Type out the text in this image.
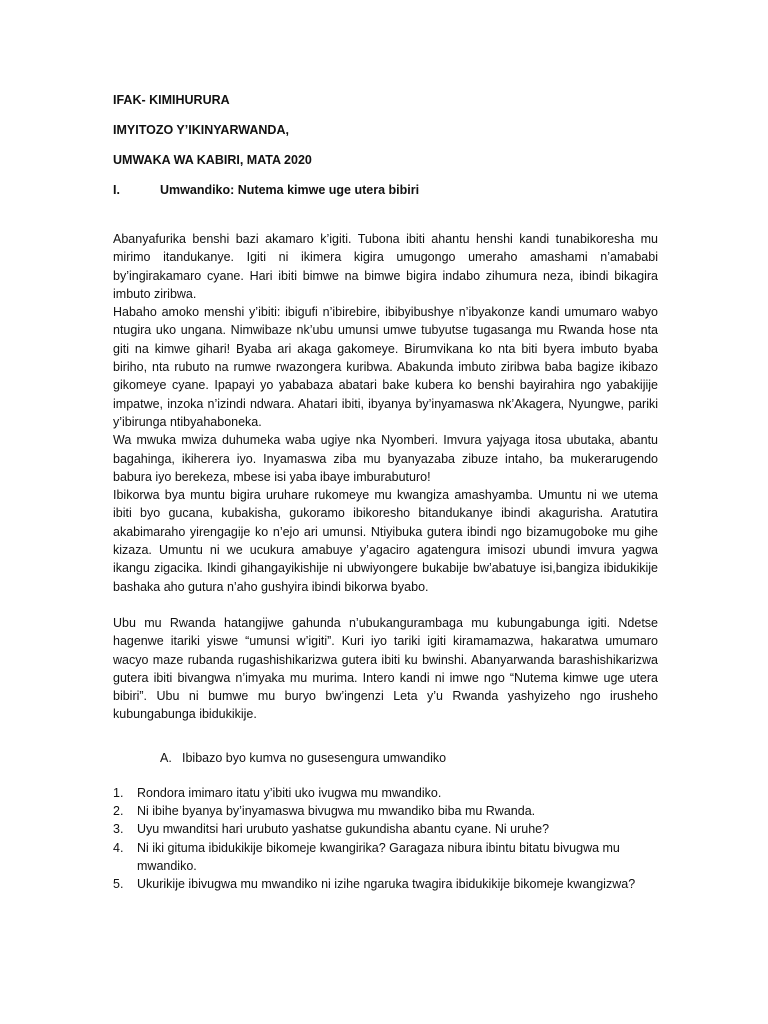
IFAK- KIMIHURURA

IMYITOZO Y’IKINYARWANDA,

UMWAKA WA KABIRI, MATA 2020

I.	Umwandiko: Nutema kimwe uge utera bibiri

Abanyafurika benshi bazi akamaro k’igiti. Tubona ibiti ahantu henshi kandi tunabikoresha mu mirimo itandukanye. Igiti ni ikimera kigira umugongo umeraho amashami n’amababi by’ingirakamaro cyane. Hari ibiti bimwe na bimwe bigira indabo zihumura neza, ibindi bikagira imbuto ziribwa.

Habaho amoko menshi y’ibiti: ibigufi n’ibirebire, ibibyibushye n’ibyakonze kandi umumaro wabyo ntugira uko ungana. Nimwibaze nk’ubu umunsi umwe tubyutse tugasanga mu Rwanda hose nta giti na kimwe gihari! Byaba ari akaga gakomeye. Birumvikana ko nta biti byera imbuto byaba biriho, nta rubuto na rumwe rwazongera kuribwa. Abakunda imbuto ziribwa baba bagize ikibazo gikomeye cyane. Ipapayi yo yababaza abatari bake kubera ko benshi bayirahira ngo yabakijije impatwe, inzoka n’izindi ndwara. Ahatari ibiti, ibyanya by’inyamaswa nk’Akagera, Nyungwe, pariki y’ibirunga ntibyahaboneka.

Wa mwuka mwiza duhumeka waba ugiye nka Nyomberi. Imvura yajyaga itosa ubutaka, abantu bagahinga, ikiherera iyo. Inyamaswa ziba mu byanyazaba zibuze intaho, ba mukerarugendo babura iyo berekeza, mbese isi yaba ibaye imburabuturo!

Ibikorwa bya muntu bigira uruhare rukomeye mu kwangiza amashyamba. Umuntu ni we utema ibiti byo gucana, kubakisha, gukoramo ibikoresho bitandukanye ibindi akagurisha. Aratutira akabimaraho yirengagije ko n’ejo ari umunsi. Ntiyibuka gutera ibindi ngo bizamugoboke mu gihe kizaza. Umuntu ni we ucukura amabuye y’agaciro agatengura imisozi ubundi imvura yagwa ikangu zigacika. Ikindi gihangayikishije ni ubwiyongere bukabije bw’abatuye isi,bangiza ibidukikije bashaka aho gutura n’aho gushyira ibindi bikorwa byabo.

Ubu mu Rwanda hatangijwe gahunda n’ubukangurambaga mu kubungabunga igiti. Ndetse hagenwe itariki yiswe “umunsi w’igiti”. Kuri iyo tariki igiti kiramamazwa, hakaratwa umumaro wacyo maze rubanda rugashishikarizwa gutera ibiti ku bwinshi. Abanyarwanda barashishikarizwa gutera ibiti bivangwa n’imyaka mu murima. Intero kandi ni imwe ngo “Nutema kimwe uge utera bibiri”. Ubu ni bumwe mu buryo bw’ingenzi Leta y’u Rwanda yashyizeho ngo irusheho kubungabunga ibidukikije.

A. Ibibazo byo kumva no gusesengura umwandiko
1.	Rondora imimaro itatu y’ibiti uko ivugwa mu mwandiko.
2.	Ni ibihe byanya by’inyamaswa bivugwa mu mwandiko biba mu Rwanda.
3.	Uyu mwanditsi hari urubuto yashatse gukundisha abantu cyane. Ni uruhe?
4.	Ni iki gituma ibidukikije bikomeje kwangirika? Garagaza nibura ibintu bitatu bivugwa mu mwandiko.
5.	Ukurikije ibivugwa mu mwandiko ni izihe ngaruka twagira ibidukikije bikomeje kwangizwa?
